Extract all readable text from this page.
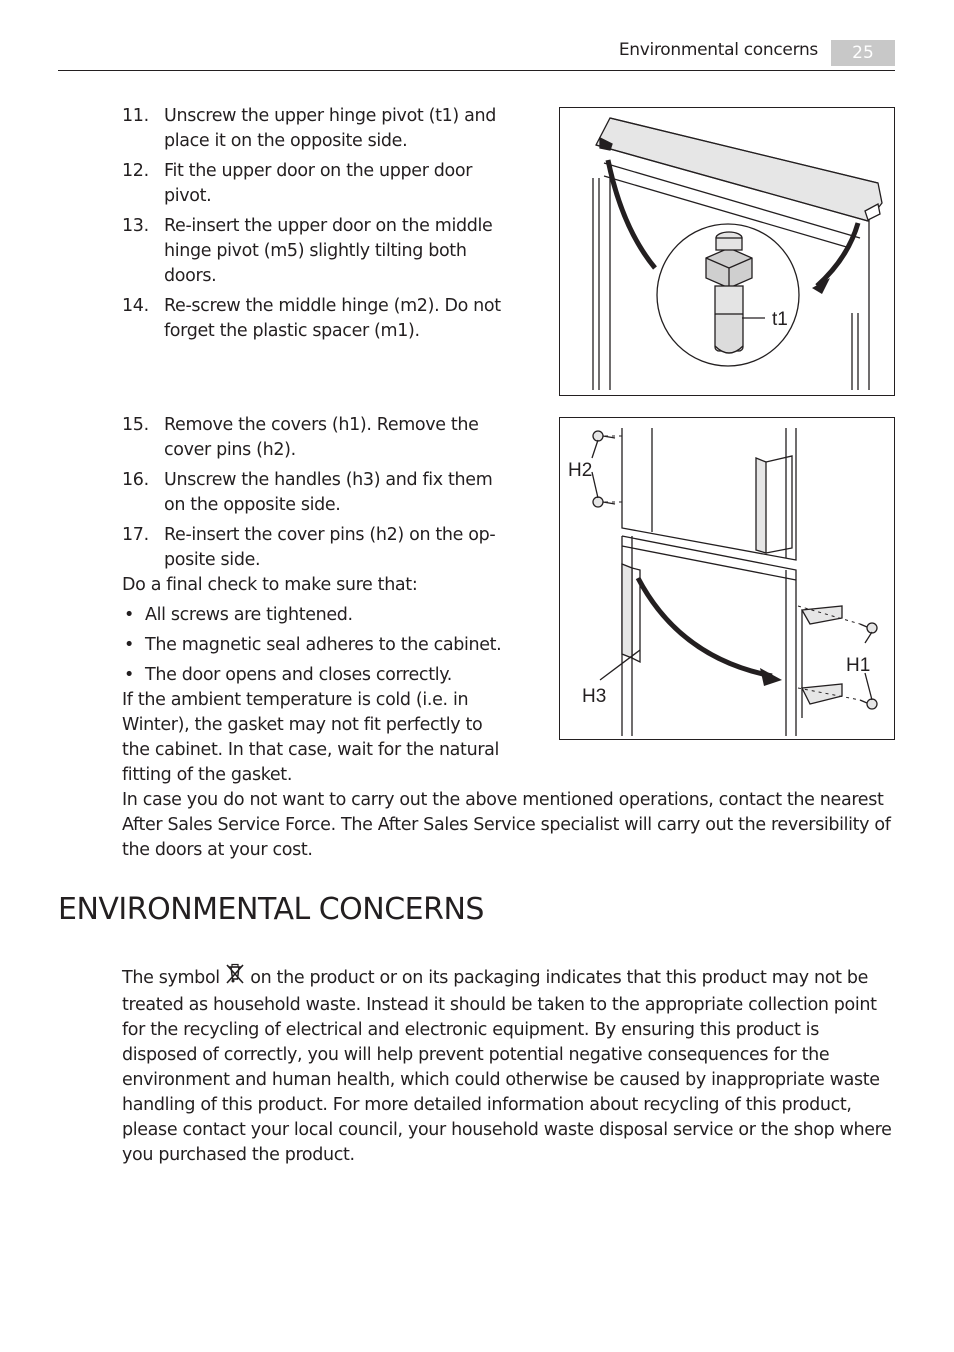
Environmental concerns	25
11. Unscrew the upper hinge pivot (t1) and place it on the opposite side.
12. Fit the upper door on the upper door pivot.
13. Re-insert the upper door on the middle hinge pivot (m5) slightly tilting both doors.
14. Re-screw the middle hinge (m2). Do not forget the plastic spacer (m1).
15. Remove the covers (h1). Remove the cover pins (h2).
16. Unscrew the handles (h3) and fix them on the opposite side.
17. Re-insert the cover pins (h2) on the op-posite side.

Do a final check to make sure that:

• All screws are tightened.
• The magnetic seal adheres to the cabinet.
• The door opens and closes correctly.

If the ambient temperature is cold (i.e. in Winter), the gasket may not fit perfectly to the cabinet. In that case, wait for the natural fitting of the gasket.

In case you do not want to carry out the above mentioned operations, contact the nearest After Sales Service Force. The After Sales Service specialist will carry out the reversibility of the doors at your cost.

ENVIRONMENTAL CONCERNS

The symbol on the product or on its packaging indicates that this product may not be treated as household waste. Instead it should be taken to the appropriate collection point for the recycling of electrical and electronic equipment. By ensuring this product is disposed of correctly, you will help prevent potential negative consequences for the environment and human health, which could otherwise be caused by inappropriate waste handling of this product. For more detailed information about recycling of this product, please contact your local council, your household waste disposal service or the shop where you purchased the product.

t1
H2
H1
H3
